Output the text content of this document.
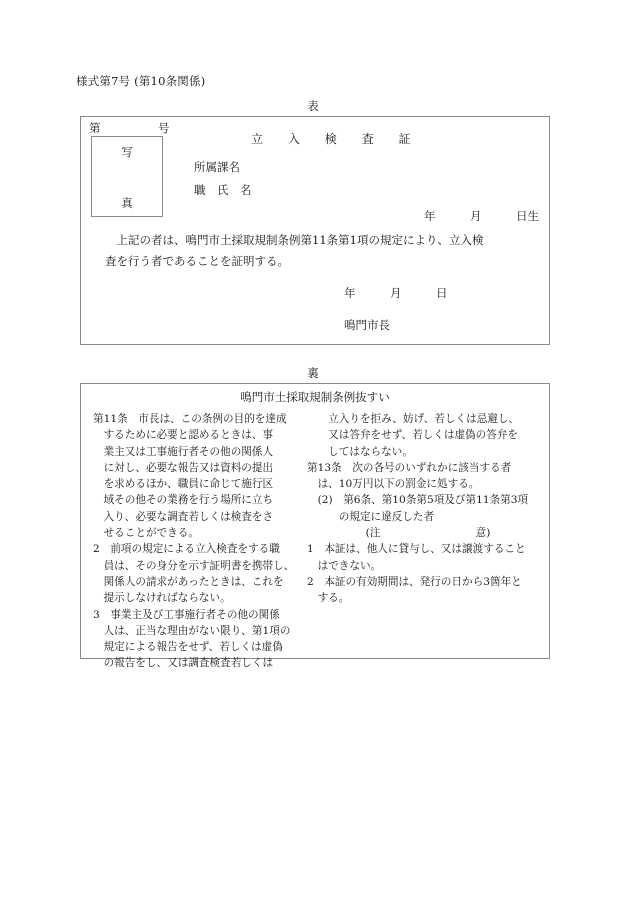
様式第7号 (第10条関係)
表
第　　　　　号
写
真
立　　入　　検　　査　　証
所属課名
職　氏　名
年　　　月　　　日生

　上記の者は、鳴門市土採取規制条例第11条第1項の規定により、立入検

査を行う者であることを証明する。

年　　　月　　　日
鳴門市長
裏
鳴門市土採取規制条例抜すい

第11条　市長は、この条例の目的を達成

　するために必要と認めるときは、事

　業主又は工事施行者その他の関係人

　に対し、必要な報告又は資料の提出

　を求めるほか、職員に命じて施行区

　域その他その業務を行う場所に立ち

　入り、必要な調査若しくは検査をさ

　せることができる。

2　前項の規定による立入検査をする職

　員は、その身分を示す証明書を携帯し、

　関係人の請求があったときは、これを

　提示しなければならない。

3　事業主及び工事施行者その他の関係

　人は、正当な理由がない限り、第1項の

　規定による報告をせず、若しくは虚偽

　の報告をし、又は調査検査若しくは

　　立入りを拒み、妨げ、若しくは忌避し、

　　又は答弁をせず、若しくは虚偽の答弁を

　　してはならない。

第13条　次の各号のいずれかに該当する者

　は、10万円以下の罰金に処する。

　(2)　第6条、第10条第5項及び第11条第3項

　　　の規定に違反した者

(注　　　　　　　　　意)

1　本証は、他人に貸与し、又は譲渡すること

　はできない。

2　本証の有効期間は、発行の日から3箇年と

　する。
